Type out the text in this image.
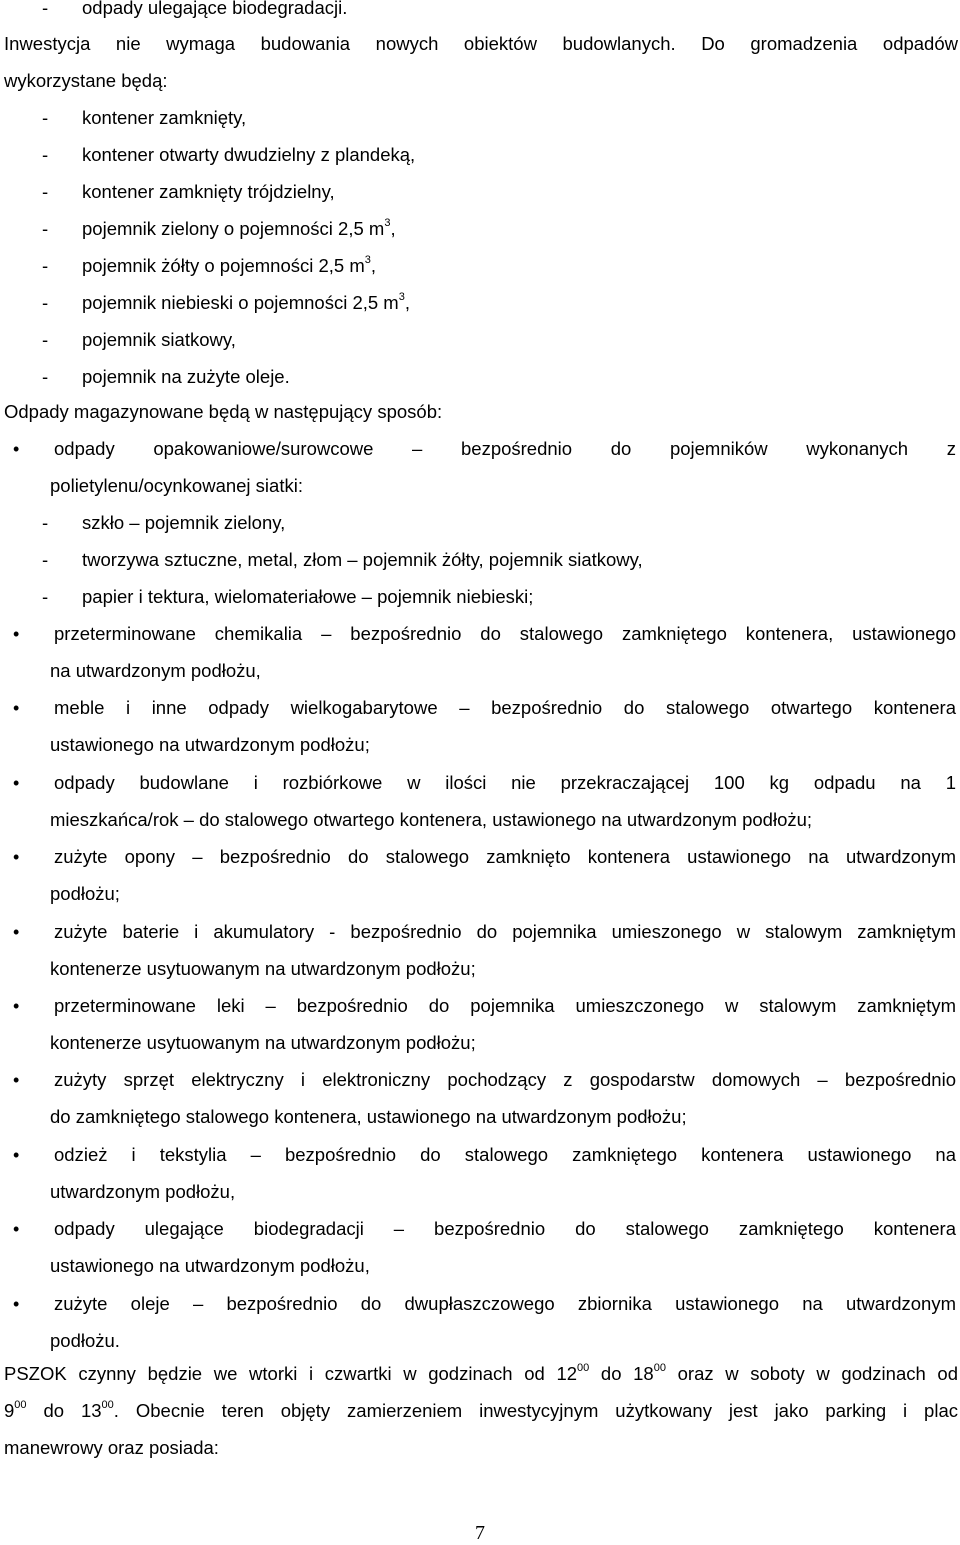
- odpady ulegające biodegradacji.
Inwestycja nie wymaga budowania nowych obiektów budowlanych. Do gromadzenia odpadów
wykorzystane będą:
Odpady magazynowane będą w następujący sposób:
• odpady opakowaniowe/surowcowe – bezpośrednio do pojemników wykonanych z
polietylenu/ocynkowanej siatki:
PSZOK czynny będzie we wtorki i czwartki w godzinach od $12^{00}$ do $18^{00}$ oraz w soboty w godzinach od
$9^{00}$ do $13^{00}$. Obecnie teren objęty zamierzeniem inwestycyjnym użytkowany jest jako parking i plac
manewrowy oraz posiada:
7
- kontener zamknięty,
- kontener otwarty dwudzielny z plandeką,
- kontener zamknięty trójdzielny,
- pojemnik zielony o pojemności 2,5 $m^3$,
- pojemnik żółty o pojemności 2,5 $m^3$,
- pojemnik niebieski o pojemności 2,5 $m^3$,
- pojemnik siatkowy,
- pojemnik na zużyte oleje.
- szkło – pojemnik zielony,
- tworzywa sztuczne, metal, złom – pojemnik żółty, pojemnik siatkowy,
- papier i tektura, wielomateriałowe – pojemnik niebieski;
• przeterminowane chemikalia – bezpośrednio do stalowego zamkniętego kontenera, ustawionego
na utwardzonym podłożu,
• meble i inne odpady wielkogabarytowe – bezpośrednio do stalowego otwartego kontenera
ustawionego na utwardzonym podłożu;
• odpady budowlane i rozbiórkowe w ilości nie przekraczającej 100 kg odpadu na 1
mieszkańca/rok – do stalowego otwartego kontenera, ustawionego na utwardzonym podłożu;
• zużyte opony – bezpośrednio do stalowego zamknięto kontenera ustawionego na utwardzonym
podłożu;
• zużyte baterie i akumulatory - bezpośrednio do pojemnika umieszonego w stalowym zamkniętym
kontenerze usytuowanym na utwardzonym podłożu;
• przeterminowane leki – bezpośrednio do pojemnika umieszczonego w stalowym zamkniętym
kontenerze usytuowanym na utwardzonym podłożu;
• zużyty sprzęt elektryczny i elektroniczny pochodzący z gospodarstw domowych – bezpośrednio
do zamkniętego stalowego kontenera, ustawionego na utwardzonym podłożu;
• odzież i tekstylia – bezpośrednio do stalowego zamkniętego kontenera ustawionego na
utwardzonym podłożu,
• odpady ulegające biodegradacji – bezpośrednio do stalowego zamkniętego kontenera
ustawionego na utwardzonym podłożu,
• zużyte oleje – bezpośrednio do dwupłaszczowego zbiornika ustawionego na utwardzonym
podłożu.
